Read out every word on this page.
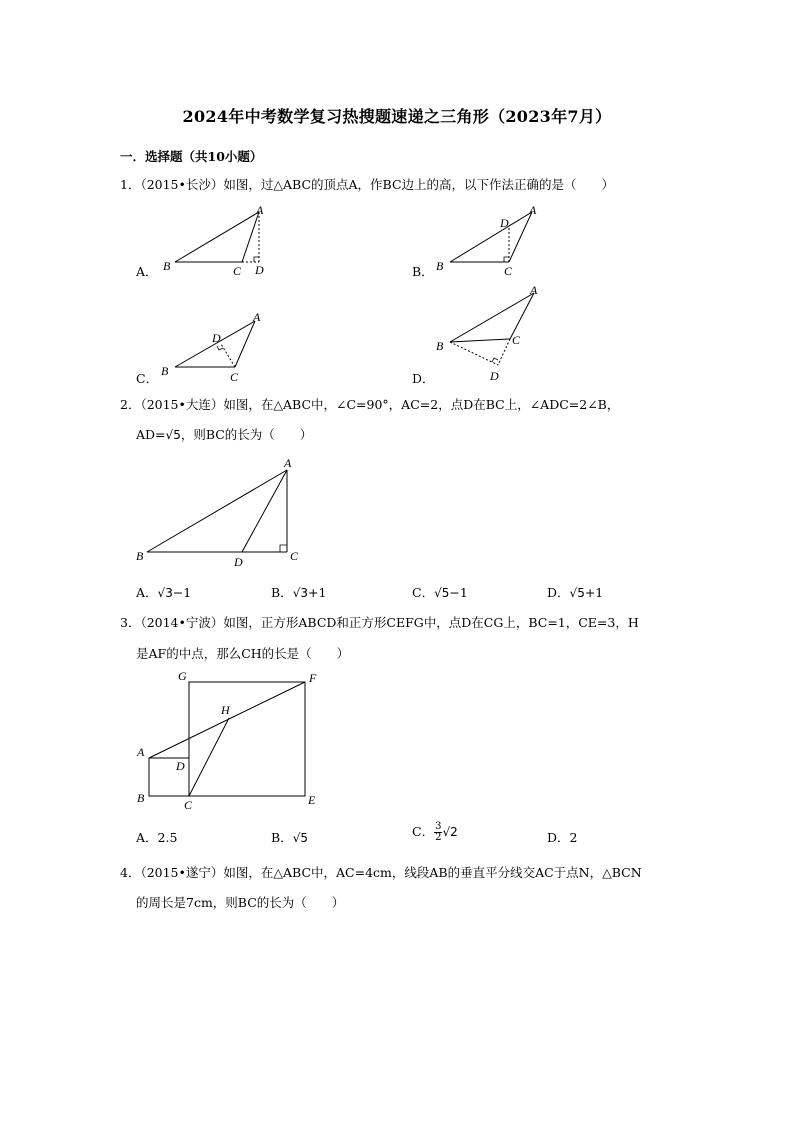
2024年中考数学复习热搜题速递之三角形（2023年7月）
一．选择题（共10小题）
1．（2015•长沙）如图，过△ABC的顶点A，作BC边上的高，以下作法正确的是（　　）
A． B	C
A
D	B． B	C
A
D
C． B	C
A
D
D．
B	C
A
D
2．（2015•大连）如图，在△ABC中，∠C=90°，AC=2，点D在BC上，∠ADC=2∠B，
AD=√5，则BC的长为（　　）
B
A
C
D
A．√3−1	B．√3+1	C．√5−1	D．√5+1
3．（2014•宁波）如图，正方形ABCD和正方形CEFG中，点D在CG上，BC=1，CE=3，H
是AF的中点，那么CH的长是（　　）
G	F
H
A
D
B	C	E
A．2.5	B．√5	C． $\frac{3}{2} √2$	D．2
4．（2015•遂宁）如图，在△ABC中，AC=4cm，线段AB的垂直平分线交AC于点N，△BCN
的周长是7cm，则BC的长为（　　）
